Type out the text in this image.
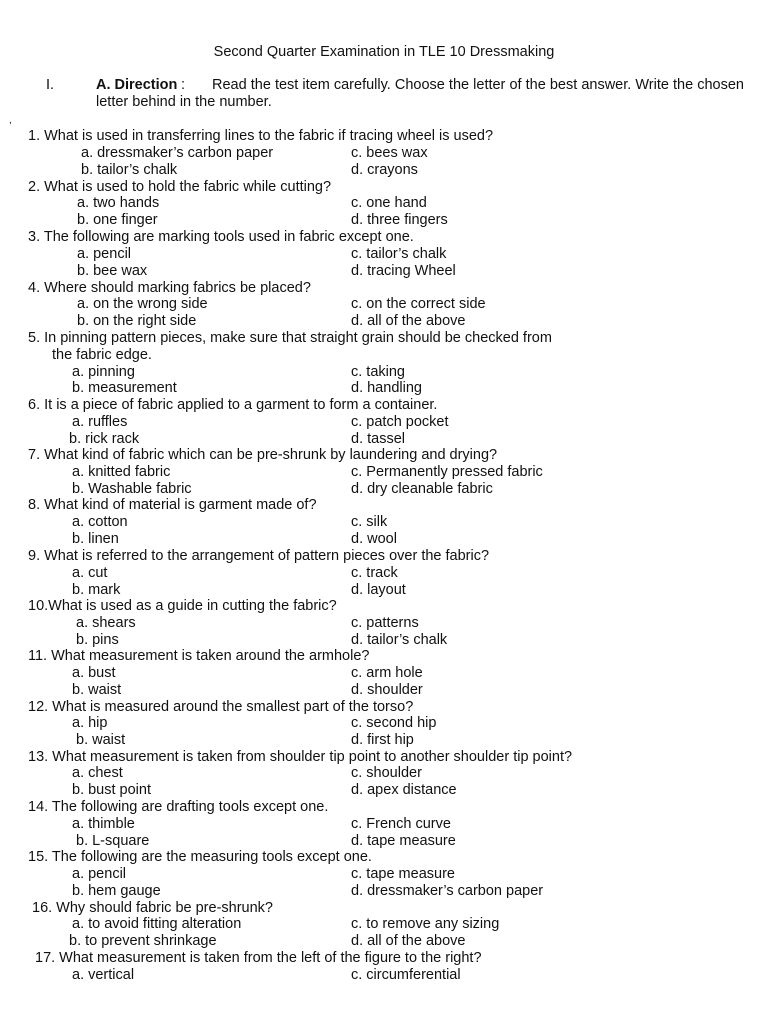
Second Quarter Examination in TLE 10 Dressmaking
I.	A. Direction :	Read the test item carefully. Choose the letter of the best answer. Write the chosen letter behind in the number.
,
1. What is used in transferring lines to the fabric if tracing wheel is used?
a. dressmaker’s carbon paper	c. bees wax
b. tailor’s chalk	d. crayons
2. What is used to hold the fabric while cutting?
a. two hands	c. one hand
b. one finger	d. three fingers
3. The following are marking tools used in fabric except one.
a. pencil	c. tailor’s chalk
b. bee wax	d. tracing Wheel
4. Where should marking fabrics be placed?
a. on the wrong side	c. on the correct side
b. on the right side	d. all of the above
5. In pinning pattern pieces, make sure that straight grain should be checked from
the fabric edge.
a. pinning	c. taking
b. measurement	d. handling
6. It is a piece of fabric applied to a garment to form a container.
a. ruffles	c. patch pocket
b. rick rack	d. tassel
7. What kind of fabric which can be pre-shrunk by laundering and drying?
a. knitted fabric	c. Permanently pressed fabric
b. Washable fabric	d. dry cleanable fabric
8. What kind of material is garment made of?
a. cotton	c. silk
b. linen	d. wool
9. What is referred to the arrangement of pattern pieces over the fabric?
a. cut	c. track
b. mark	d. layout
10.What is used as a guide in cutting the fabric?
a. shears	c. patterns
b. pins	d. tailor’s chalk
11. What measurement is taken around the armhole?
a. bust	c. arm hole
b. waist	d. shoulder
12. What is measured around the smallest part of the torso?
a. hip	c. second hip
b. waist	d. first hip
13. What measurement is taken from shoulder tip point to another shoulder tip point?
a. chest	c. shoulder
b. bust point	d. apex distance
14. The following are drafting tools except one.
a. thimble	c. French curve
b. L-square	d. tape measure
15. The following are the measuring tools except one.
a. pencil	c. tape measure
b. hem gauge	d. dressmaker’s carbon paper
16. Why should fabric be pre-shrunk?
a. to avoid fitting alteration	c. to remove any sizing
b. to prevent shrinkage	d. all of the above
17. What measurement is taken from the left of the figure to the right?
a. vertical	c. circumferential
